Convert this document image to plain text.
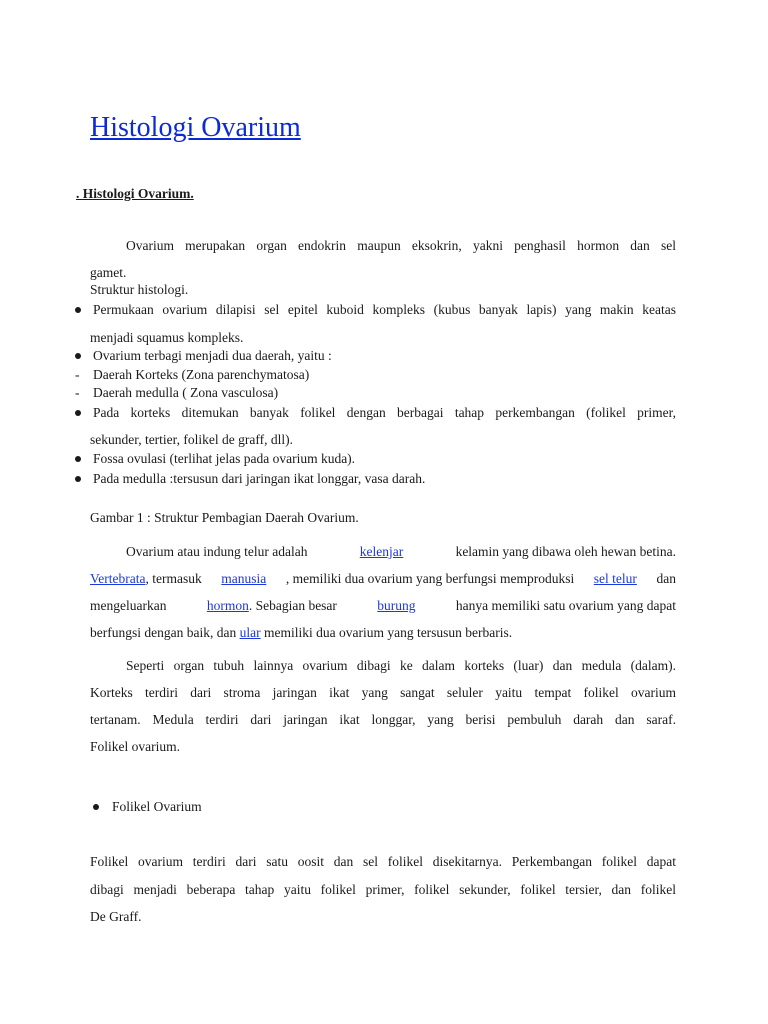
Histologi Ovarium
. Histologi Ovarium.
Ovarium merupakan organ endokrin maupun eksokrin, yakni penghasil hormon dan sel
gamet.
Struktur histologi.
Permukaan ovarium dilapisi sel epitel kuboid kompleks (kubus banyak lapis) yang makin keatas
menjadi squamus kompleks.
Ovarium terbagi menjadi dua daerah, yaitu :
- Daerah Korteks (Zona parenchymatosa)
- Daerah medulla ( Zona vasculosa)
Pada korteks ditemukan banyak folikel dengan berbagai tahap perkembangan (folikel primer,
sekunder, tertier, folikel de graff, dll).
Fossa ovulasi (terlihat jelas pada ovarium kuda).
Pada medulla :tersusun dari jaringan ikat longgar, vasa darah.
Gambar 1 : Struktur Pembagian Daerah Ovarium.
Ovarium atau indung telur adalah	kelenjar	kelamin yang dibawa oleh hewan betina.
Vertebrata, termasuk manusia , memiliki dua ovarium yang berfungsi memproduksi sel telur dan
mengeluarkan	hormon. Sebagian besar	burung	hanya memiliki satu ovarium yang dapat
berfungsi dengan baik, dan ular memiliki dua ovarium yang tersusun berbaris.
Seperti organ tubuh lainnya ovarium dibagi ke dalam korteks (luar) dan medula (dalam).
Korteks terdiri dari stroma jaringan ikat yang sangat seluler yaitu tempat folikel ovarium
tertanam. Medula terdiri dari jaringan ikat longgar, yang berisi pembuluh darah dan saraf.
Folikel ovarium.
Folikel Ovarium
Folikel ovarium terdiri dari satu oosit dan sel folikel disekitarnya. Perkembangan folikel dapat
dibagi menjadi beberapa tahap yaitu folikel primer, folikel sekunder, folikel tersier, dan folikel
De Graff.
